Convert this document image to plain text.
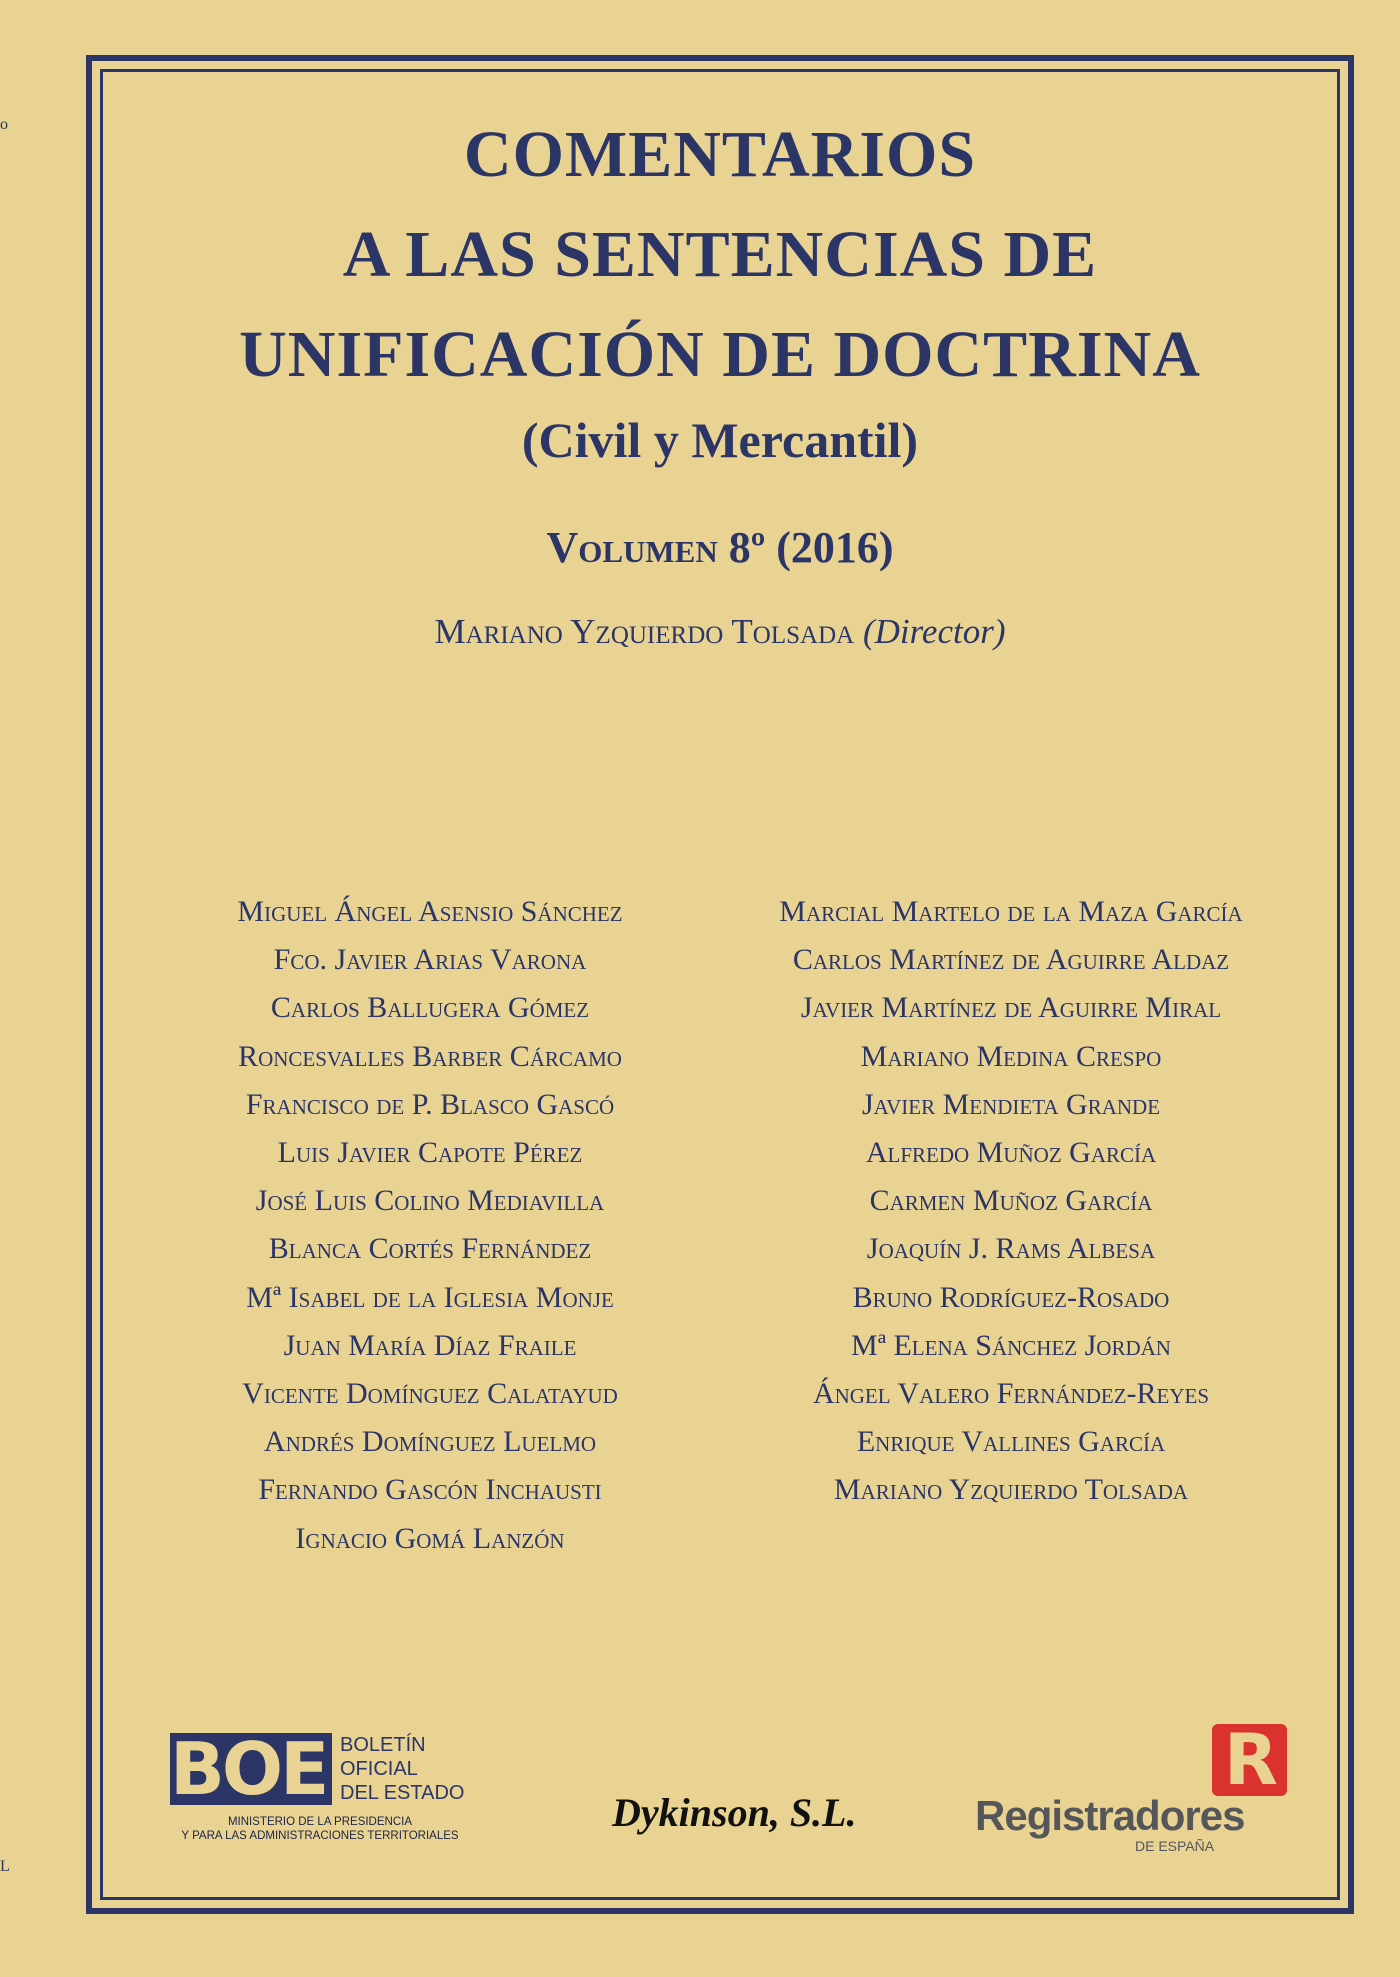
o
L
COMENTARIOS
A LAS SENTENCIAS DE
UNIFICACIÓN DE DOCTRINA
(Civil y Mercantil)
Volumen 8º (2016)
Mariano Yzquierdo Tolsada (Director)
Miguel Ángel Asensio Sánchez
Fco. Javier Arias Varona
Carlos Ballugera Gómez
Roncesvalles Barber Cárcamo
Francisco de P. Blasco Gascó
Luis Javier Capote Pérez
José Luis Colino Mediavilla
Blanca Cortés Fernández
Mª Isabel de la Iglesia Monje
Juan María Díaz Fraile
Vicente Domínguez Calatayud
Andrés Domínguez Luelmo
Fernando Gascón Inchausti
Ignacio Gomá Lanzón
Marcial Martelo de la Maza García
Carlos Martínez de Aguirre Aldaz
Javier Martínez de Aguirre Miral
Mariano Medina Crespo
Javier Mendieta Grande
Alfredo Muñoz García
Carmen Muñoz García
Joaquín J. Rams Albesa
Bruno Rodríguez-Rosado
Mª Elena Sánchez Jordán
Ángel Valero Fernández-Reyes
Enrique Vallines García
Mariano Yzquierdo Tolsada
BOE BOLETÍN
OFICIAL
DEL ESTADO
MINISTERIO DE LA PRESIDENCIA
Y PARA LAS ADMINISTRACIONES TERRITORIALES
Dykinson, S.L.
R
Registradores
DE ESPAÑA
